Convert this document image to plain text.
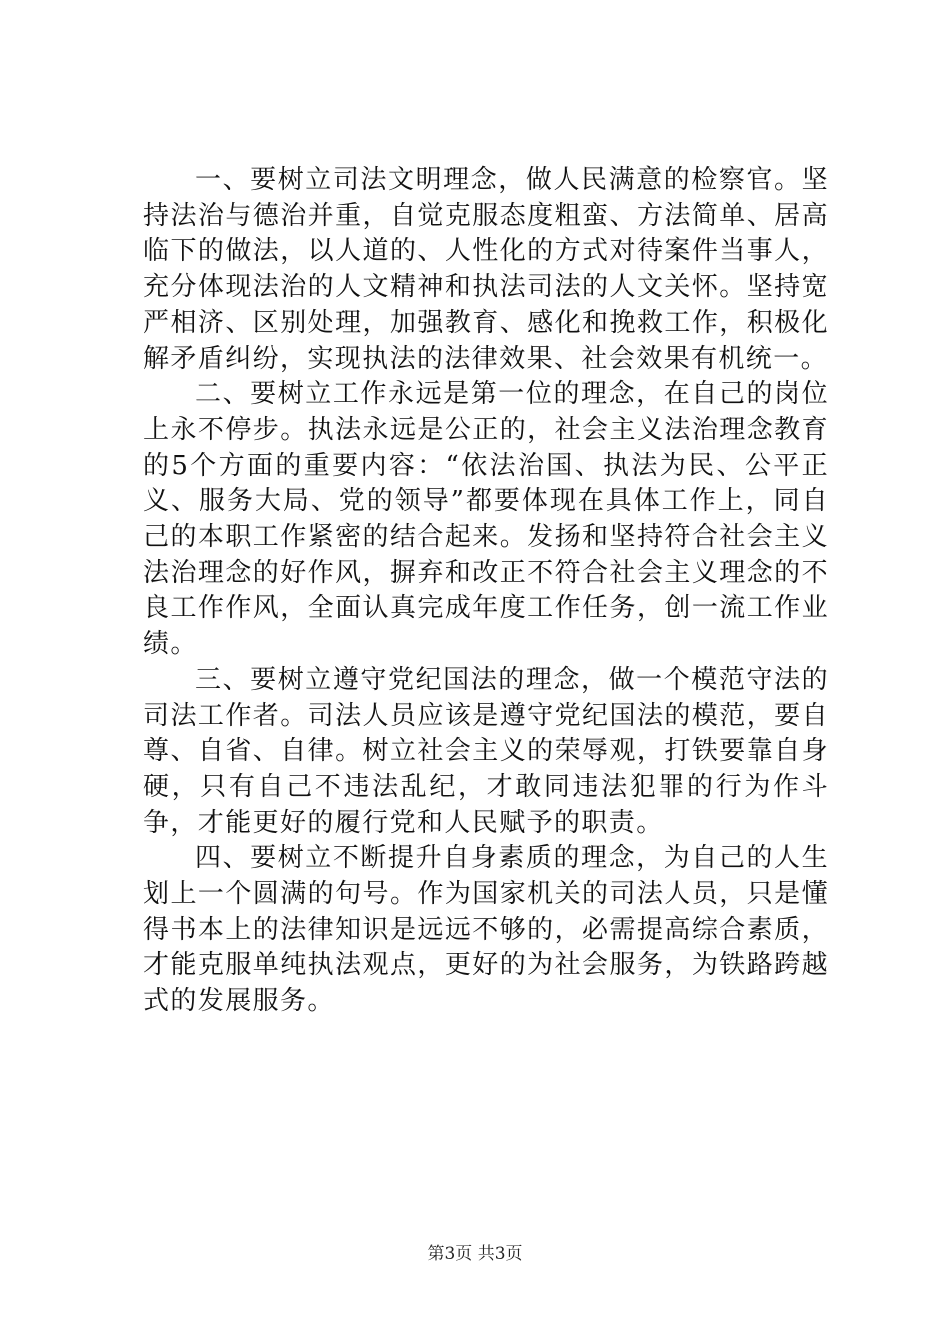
一、要树立司法文明理念，做人民满意的检察官。坚持法治与德治并重，自觉克服态度粗蛮、方法简单、居高临下的做法，以人道的、人性化的方式对待案件当事人，充分体现法治的人文精神和执法司法的人文关怀。坚持宽严相济、区别处理，加强教育、感化和挽救工作，积极化解矛盾纠纷，实现执法的法律效果、社会效果有机统一。

二、要树立工作永远是第一位的理念，在自己的岗位上永不停步。执法永远是公正的，社会主义法治理念教育的5个方面的重要内容：“依法治国、执法为民、公平正义、服务大局、党的领导”都要体现在具体工作上，同自己的本职工作紧密的结合起来。发扬和坚持符合社会主义法治理念的好作风，摒弃和改正不符合社会主义理念的不良工作作风，全面认真完成年度工作任务，创一流工作业绩。

三、要树立遵守党纪国法的理念，做一个模范守法的司法工作者。司法人员应该是遵守党纪国法的模范，要自尊、自省、自律。树立社会主义的荣辱观，打铁要靠自身硬，只有自己不违法乱纪，才敢同违法犯罪的行为作斗争，才能更好的履行党和人民赋予的职责。

四、要树立不断提升自身素质的理念，为自己的人生划上一个圆满的句号。作为国家机关的司法人员，只是懂得书本上的法律知识是远远不够的，必需提高综合素质，才能克服单纯执法观点，更好的为社会服务，为铁路跨越式的发展服务。

第3页 共3页
